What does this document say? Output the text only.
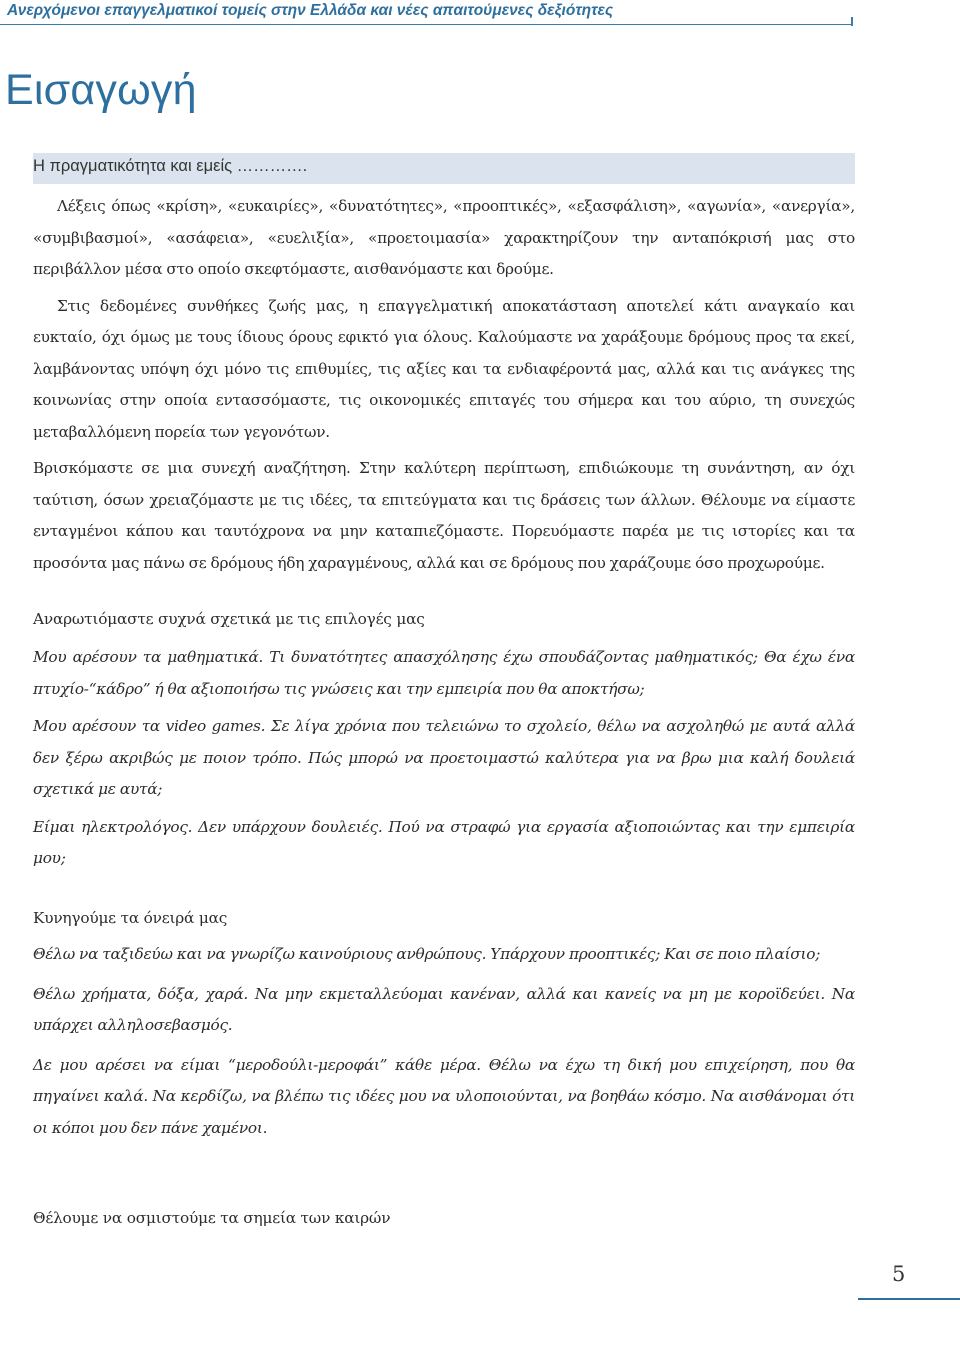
Ανερχόμενοι επαγγελματικοί τομείς στην Ελλάδα και νέες απαιτούμενες δεξιότητες
Εισαγωγή
Η πραγματικότητα και εμείς ………….

Λέξεις όπως «κρίση», «ευκαιρίες», «δυνατότητες», «προοπτικές», «εξασφάλιση», «αγωνία», «ανεργία», «συμβιβασμοί», «ασάφεια», «ευελιξία», «προετοιμασία» χαρακτηρίζουν την ανταπόκρισή μας στο περιβάλλον μέσα στο οποίο σκεφτόμαστε, αισθανόμαστε και δρούμε.

Στις δεδομένες συνθήκες ζωής μας, η επαγγελματική αποκατάσταση αποτελεί κάτι αναγκαίο και ευκταίο, όχι όμως με τους ίδιους όρους εφικτό για όλους. Καλούμαστε να χαράξουμε δρόμους προς τα εκεί, λαμβάνοντας υπόψη όχι μόνο τις επιθυμίες, τις αξίες και τα ενδιαφέροντά μας, αλλά και τις ανάγκες της κοινωνίας στην οποία εντασσόμαστε, τις οικονομικές επιταγές του σήμερα και του αύριο, τη συνεχώς μεταβαλλόμενη πορεία των γεγονότων.

Βρισκόμαστε σε μια συνεχή αναζήτηση. Στην καλύτερη περίπτωση, επιδιώκουμε τη συνάντηση, αν όχι ταύτιση, όσων χρειαζόμαστε με τις ιδέες, τα επιτεύγματα και τις δράσεις των άλλων. Θέλουμε να είμαστε ενταγμένοι κάπου και ταυτόχρονα να μην καταπιεζόμαστε. Πορευόμαστε παρέα με τις ιστορίες και τα προσόντα μας πάνω σε δρόμους ήδη χαραγμένους, αλλά και σε δρόμους που χαράζουμε όσο προχωρούμε.

Αναρωτιόμαστε συχνά σχετικά με τις επιλογές μας

Μου αρέσουν τα μαθηματικά. Τι δυνατότητες απασχόλησης έχω σπουδάζοντας μαθηματικός; Θα έχω ένα πτυχίο-“κάδρο” ή θα αξιοποιήσω τις γνώσεις και την εμπειρία που θα αποκτήσω;

Μου αρέσουν τα video games. Σε λίγα χρόνια που τελειώνω το σχολείο, θέλω να ασχοληθώ με αυτά αλλά δεν ξέρω ακριβώς με ποιον τρόπο. Πώς μπορώ να προετοιμαστώ καλύτερα για να βρω μια καλή δουλειά σχετικά με αυτά;

Είμαι ηλεκτρολόγος. Δεν υπάρχουν δουλειές. Πού να στραφώ για εργασία αξιοποιώντας και την εμπειρία μου;

Κυνηγούμε τα όνειρά μας

Θέλω να ταξιδεύω και να γνωρίζω καινούριους ανθρώπους. Υπάρχουν προοπτικές; Και σε ποιο πλαίσιο;

Θέλω χρήματα, δόξα, χαρά. Να μην εκμεταλλεύομαι κανέναν, αλλά και κανείς να μη με κοροϊδεύει. Να υπάρχει αλληλοσεβασμός.

Δε μου αρέσει να είμαι “μεροδούλι-μεροφάι” κάθε μέρα. Θέλω να έχω τη δική μου επιχείρηση, που θα πηγαίνει καλά. Να κερδίζω, να βλέπω τις ιδέες μου να υλοποιούνται, να βοηθάω κόσμο. Να αισθάνομαι ότι οι κόποι μου δεν πάνε χαμένοι.

Θέλουμε να οσμιστούμε τα σημεία των καιρών
5
